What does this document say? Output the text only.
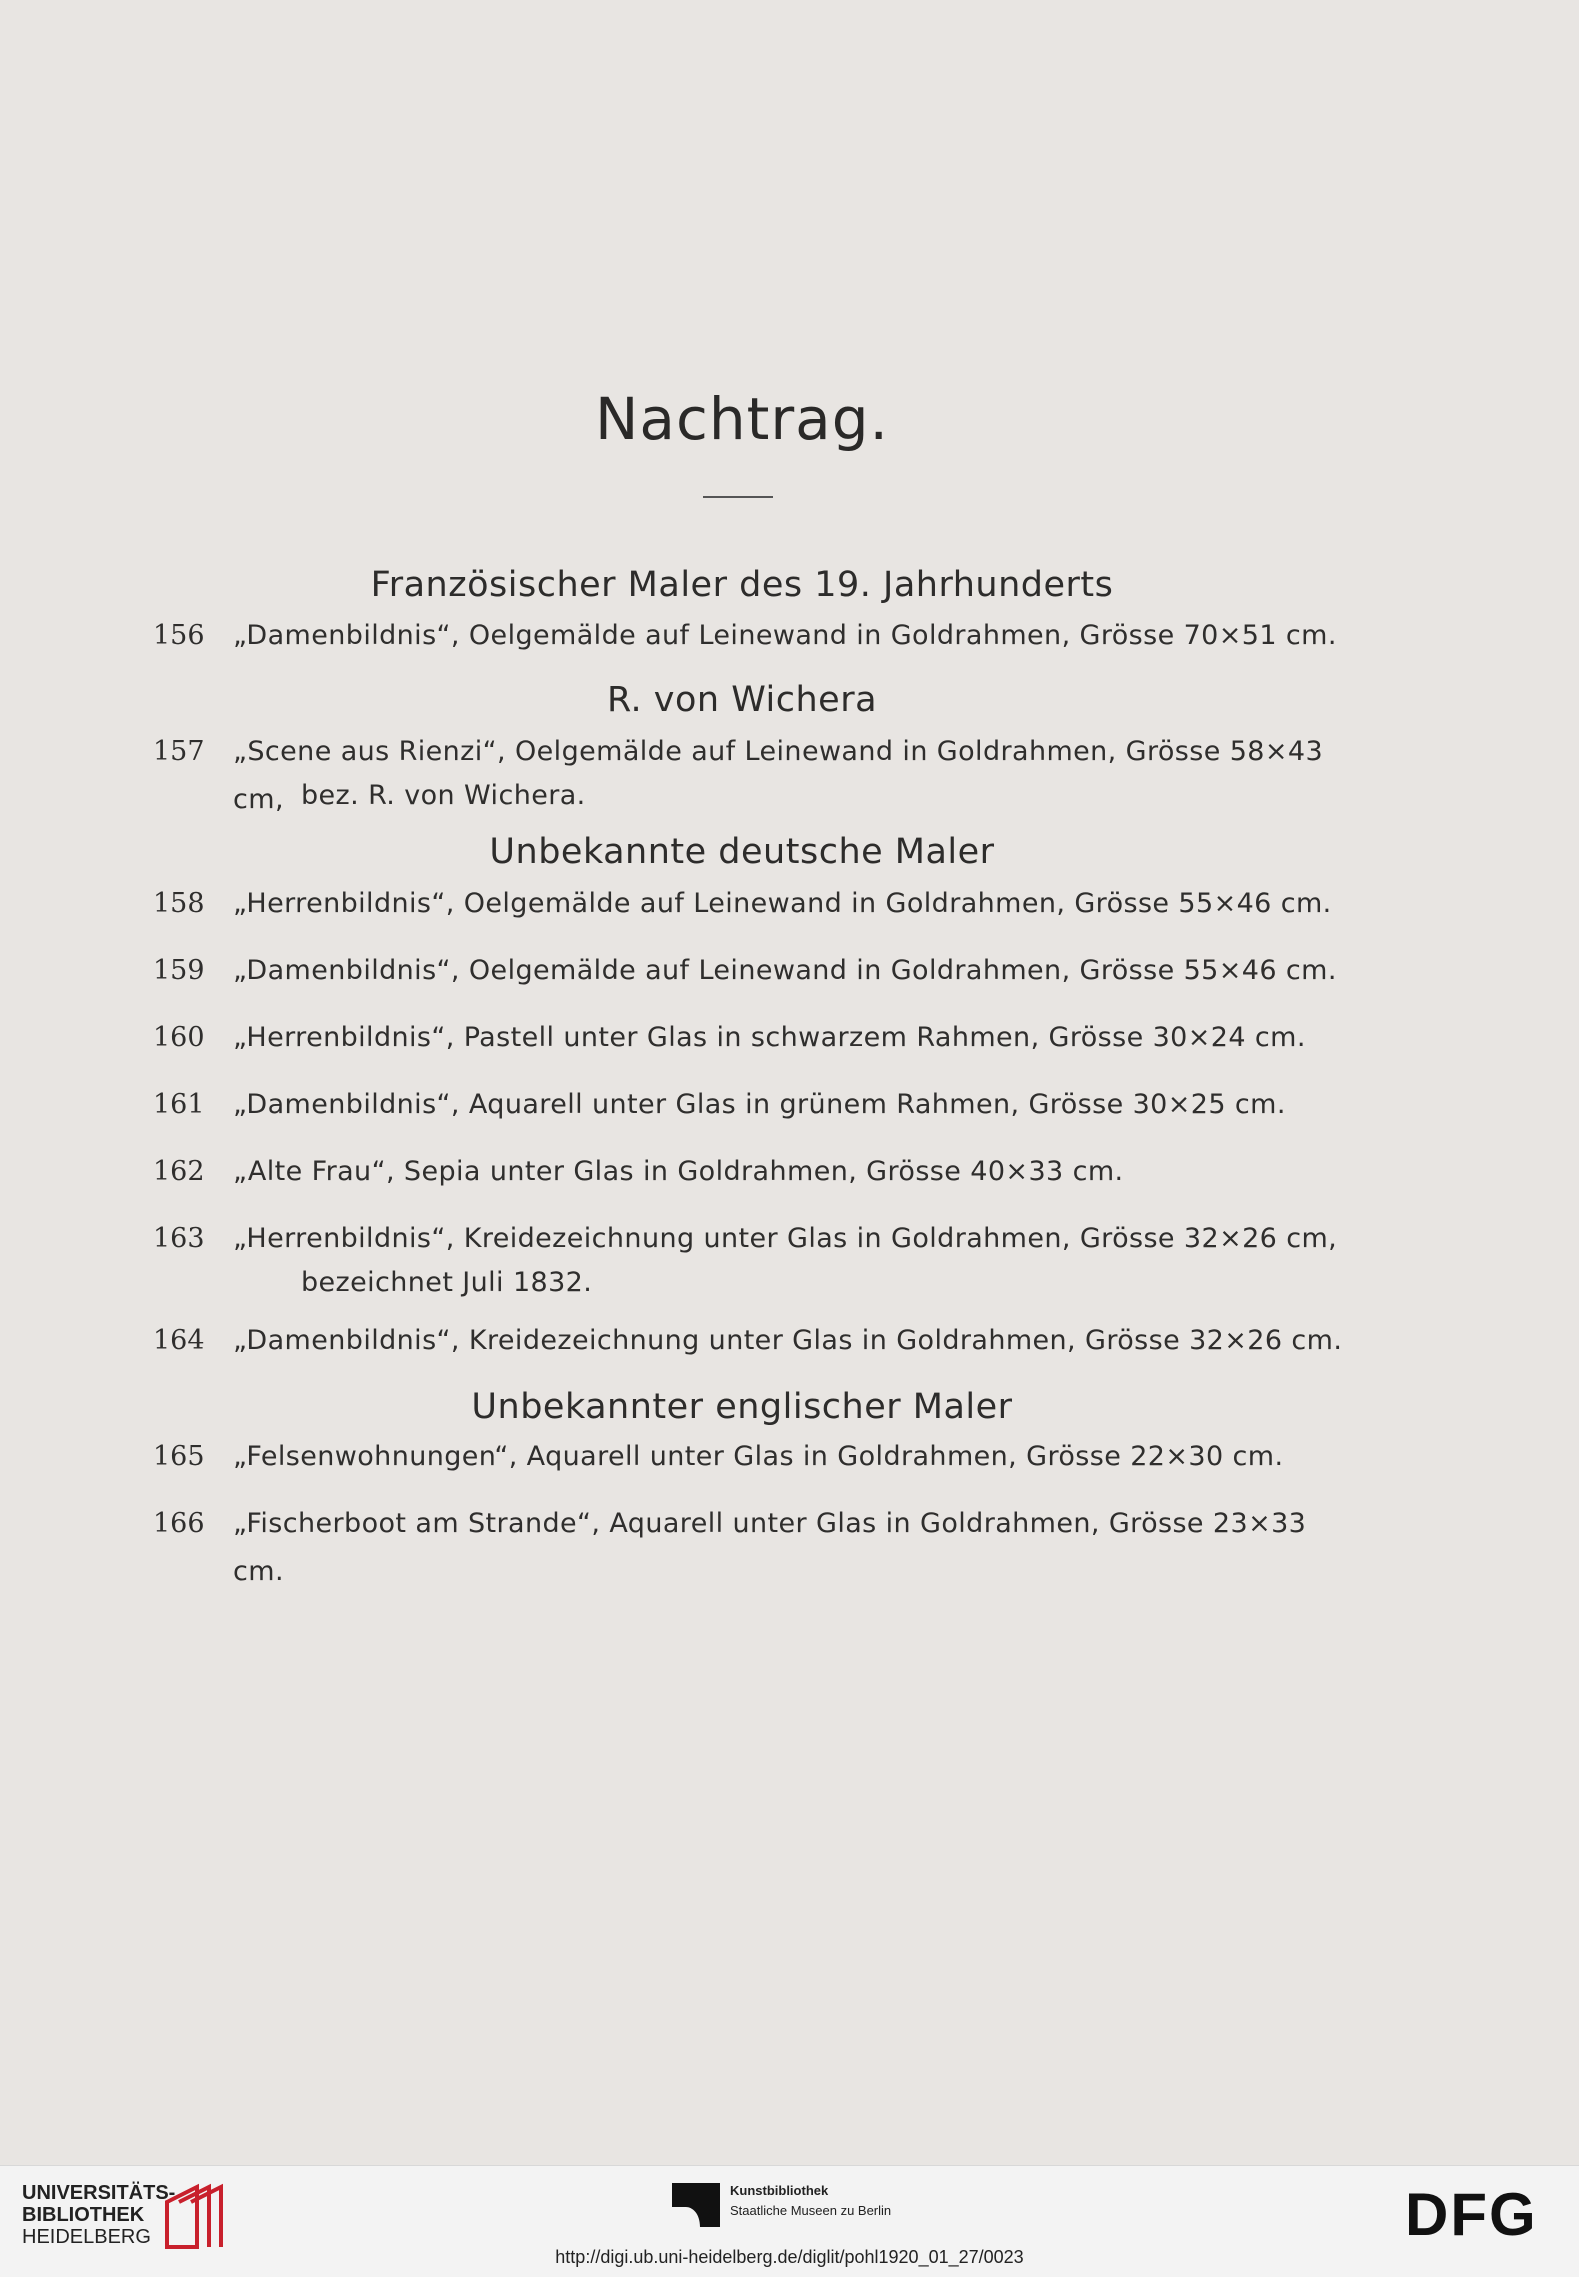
Nachtrag.
Französischer Maler des 19. Jahrhunderts
156	„Damenbildnis“, Oelgemälde auf Leinewand in Goldrahmen, Grösse 70×51 cm.
R. von Wichera
157	„Scene aus Rienzi“, Oelgemälde auf Leinewand in Goldrahmen, Grösse 58×43 cm, bez. R. von Wichera.
Unbekannte deutsche Maler
158	„Herrenbildnis“, Oelgemälde auf Leinewand in Goldrahmen, Grösse 55×46 cm.
159	„Damenbildnis“, Oelgemälde auf Leinewand in Goldrahmen, Grösse 55×46 cm.
160	„Herrenbildnis“, Pastell unter Glas in schwarzem Rahmen, Grösse 30×24 cm.
161	„Damenbildnis“, Aquarell unter Glas in grünem Rahmen, Grösse 30×25 cm.
162	„Alte Frau“, Sepia unter Glas in Goldrahmen, Grösse 40×33 cm.
163	„Herrenbildnis“, Kreidezeichnung unter Glas in Goldrahmen, Grösse 32×26 cm,
bezeichnet Juli 1832.
164	„Damenbildnis“, Kreidezeichnung unter Glas in Goldrahmen, Grösse 32×26 cm.
Unbekannter englischer Maler
165	„Felsenwohnungen“, Aquarell unter Glas in Goldrahmen, Grösse 22×30 cm.
166	„Fischerboot am Strande“, Aquarell unter Glas in Goldrahmen, Grösse 23×33 cm.
UNIVERSITÄTS-
BIBLIOTHEK
HEIDELBERG
Kunstbibliothek
Staatliche Museen zu Berlin	DFG
http://digi.ub.uni-heidelberg.de/diglit/pohl1920_01_27/0023
